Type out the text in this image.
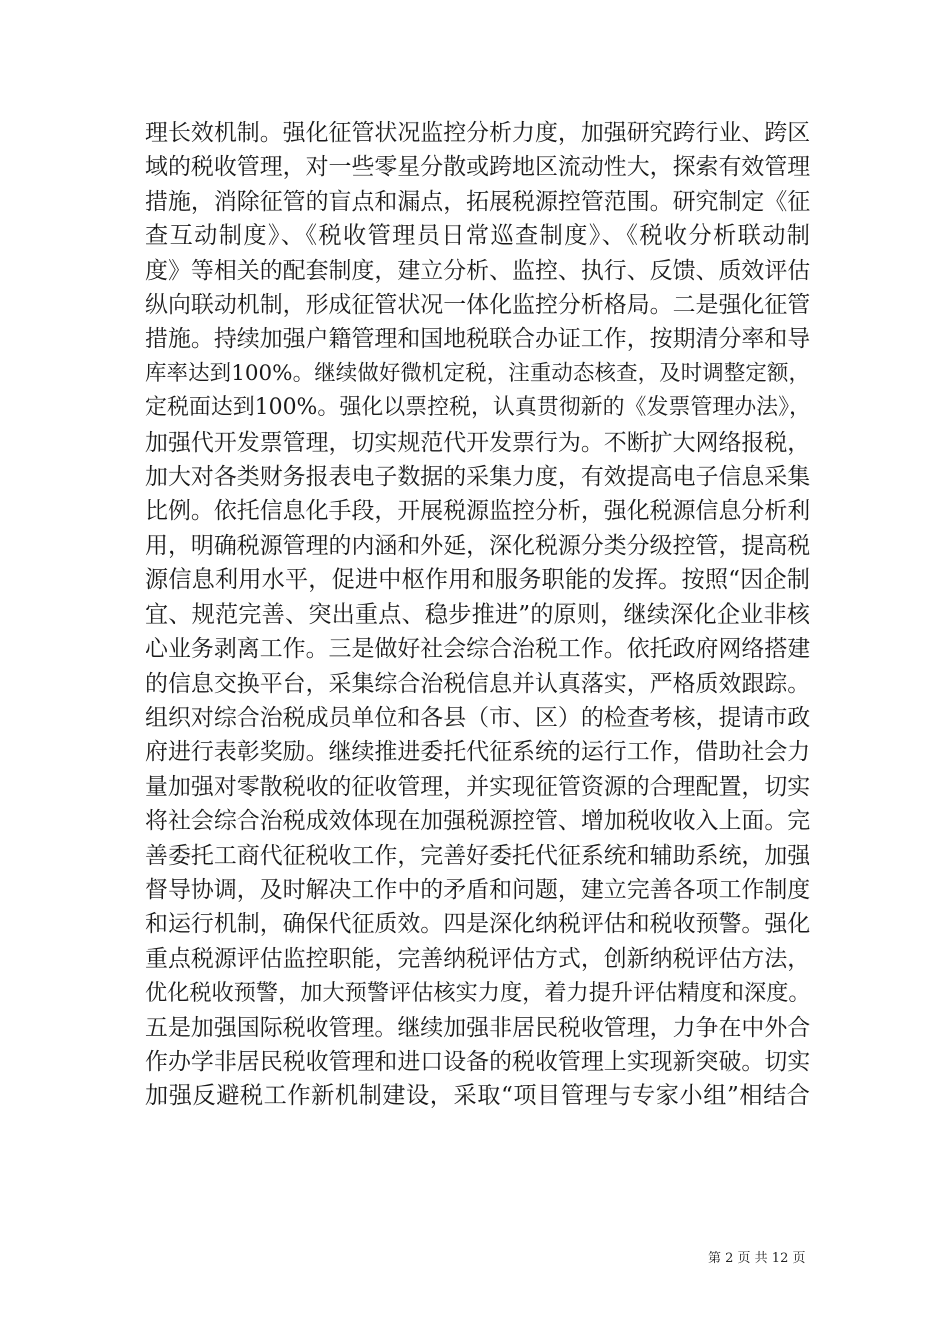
理长效机制。强化征管状况监控分析力度，加强研究跨行业、跨区
域的税收管理，对一些零星分散或跨地区流动性大，探索有效管理
措施，消除征管的盲点和漏点，拓展税源控管范围。研究制定《征
查互动制度》、《税收管理员日常巡查制度》、《税收分析联动制
度》等相关的配套制度，建立分析、监控、执行、反馈、质效评估
纵向联动机制，形成征管状况一体化监控分析格局。二是强化征管
措施。持续加强户籍管理和国地税联合办证工作，按期清分率和导
库率达到100%。继续做好微机定税，注重动态核查，及时调整定额，
定税面达到100%。强化以票控税，认真贯彻新的《发票管理办法》，
加强代开发票管理，切实规范代开发票行为。不断扩大网络报税，
加大对各类财务报表电子数据的采集力度，有效提高电子信息采集
比例。依托信息化手段，开展税源监控分析，强化税源信息分析利
用，明确税源管理的内涵和外延，深化税源分类分级控管，提高税
源信息利用水平，促进中枢作用和服务职能的发挥。按照“因企制
宜、规范完善、突出重点、稳步推进”的原则，继续深化企业非核
心业务剥离工作。三是做好社会综合治税工作。依托政府网络搭建
的信息交换平台，采集综合治税信息并认真落实，严格质效跟踪。
组织对综合治税成员单位和各县（市、区）的检查考核，提请市政
府进行表彰奖励。继续推进委托代征系统的运行工作，借助社会力
量加强对零散税收的征收管理，并实现征管资源的合理配置，切实
将社会综合治税成效体现在加强税源控管、增加税收收入上面。完
善委托工商代征税收工作，完善好委托代征系统和辅助系统，加强
督导协调，及时解决工作中的矛盾和问题，建立完善各项工作制度
和运行机制，确保代征质效。四是深化纳税评估和税收预警。强化
重点税源评估监控职能，完善纳税评估方式，创新纳税评估方法，
优化税收预警，加大预警评估核实力度，着力提升评估精度和深度。
五是加强国际税收管理。继续加强非居民税收管理，力争在中外合
作办学非居民税收管理和进口设备的税收管理上实现新突破。切实
加强反避税工作新机制建设，采取“项目管理与专家小组”相结合
第 2 页 共 12 页
